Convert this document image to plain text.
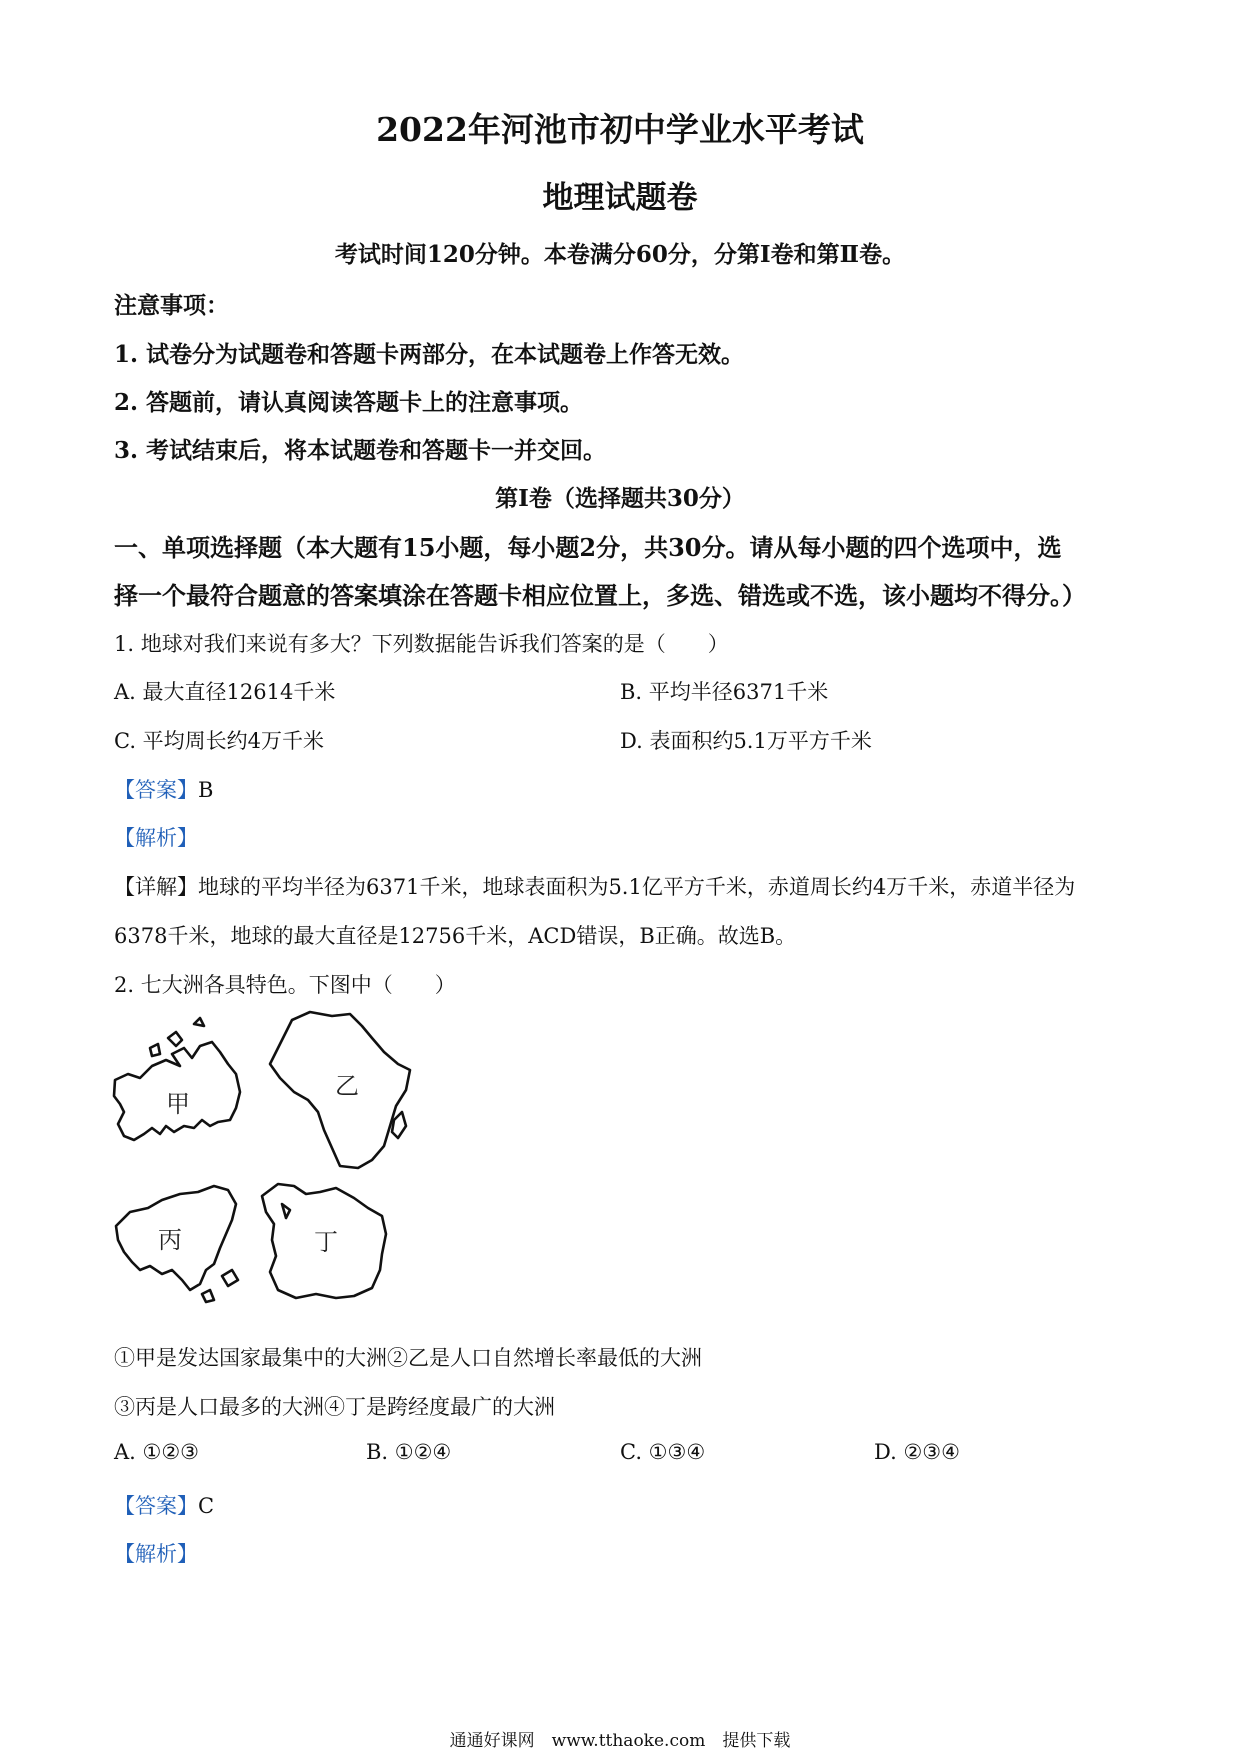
2022年河池市初中学业水平考试
地理试题卷
考试时间120分钟。本卷满分60分，分第Ⅰ卷和第Ⅱ卷。
注意事项：
1. 试卷分为试题卷和答题卡两部分，在本试题卷上作答无效。
2. 答题前，请认真阅读答题卡上的注意事项。
3. 考试结束后，将本试题卷和答题卡一并交回。
第Ⅰ卷（选择题共30分）
一、单项选择题（本大题有15小题，每小题2分，共30分。请从每小题的四个选项中，选
择一个最符合题意的答案填涂在答题卡相应位置上，多选、错选或不选，该小题均不得分。）
1. 地球对我们来说有多大？下列数据能告诉我们答案的是（　　）
A. 最大直径12614千米	B. 平均半径6371千米
C. 平均周长约4万千米	D. 表面积约5.1万平方千米
【答案】B
【解析】
【详解】地球的平均半径为6371千米，地球表面积为5.1亿平方千米，赤道周长约4万千米，赤道半径为
6378千米，地球的最大直径是12756千米，ACD错误，B正确。故选B。
2. 七大洲各具特色。下图中（　　）
甲
乙
丙	丁
①甲是发达国家最集中的大洲②乙是人口自然增长率最低的大洲
③丙是人口最多的大洲④丁是跨经度最广的大洲
A. ①②③	B. ①②④	C. ①③④	D. ②③④
【答案】C
【解析】
通通好课网　www.tthaoke.com　提供下载
